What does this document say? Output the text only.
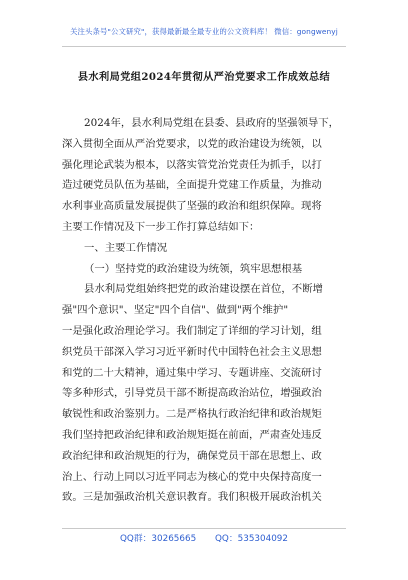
关注头条号"公文研究"，获得最新最全最专业的公文资料库！ 微信：gongwenyj
县水利局党组2024年贯彻从严治党要求工作成效总结
2024年，县水利局党组在县委、县政府的坚强领导下，
深入贯彻全面从严治党要求，以党的政治建设为统领，以
强化理论武装为根本，以落实管党治党责任为抓手，以打
造过硬党员队伍为基础，全面提升党建工作质量，为推动
水利事业高质量发展提供了坚强的政治和组织保障。现将
主要工作情况及下一步工作打算总结如下：
一、主要工作情况
（一）坚持党的政治建设为统领，筑牢思想根基
县水利局党组始终把党的政治建设摆在首位，不断增
强"四个意识"、坚定"四个自信"、做到"两个维护"
一是强化政治理论学习。我们制定了详细的学习计划，组
织党员干部深入学习习近平新时代中国特色社会主义思想
和党的二十大精神，通过集中学习、专题讲座、交流研讨
等多种形式，引导党员干部不断提高政治站位，增强政治
敏锐性和政治鉴别力。二是严格执行政治纪律和政治规矩
我们坚持把政治纪律和政治规矩挺在前面，严肃查处违反
政治纪律和政治规矩的行为，确保党员干部在思想上、政
治上、行动上同以习近平同志为核心的党中央保持高度一
致。三是加强政治机关意识教育。我们积极开展政治机关
QQ群：30265665 QQ：535304092
